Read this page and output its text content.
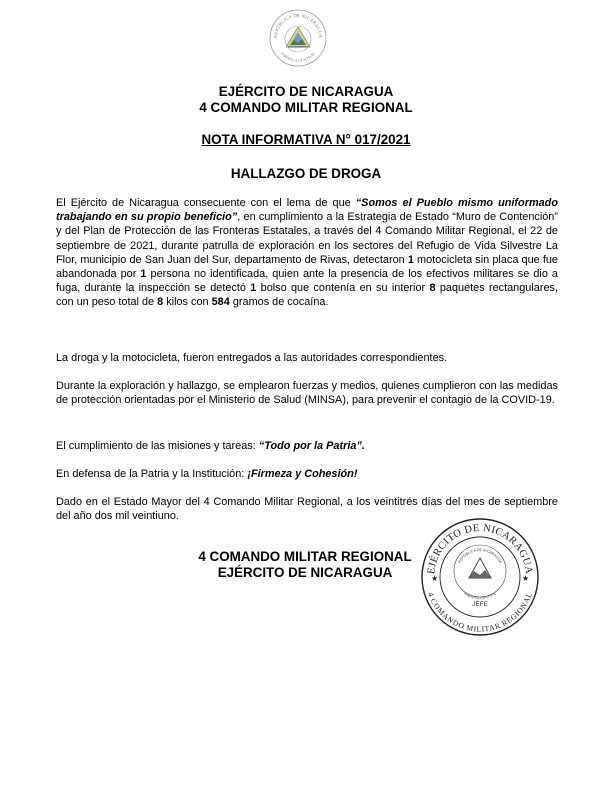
REPÚBLICA DE NICARAGUA
AMÉRICA CENTRAL
EJÉRCITO DE NICARAGUA
4 COMANDO MILITAR REGIONAL
NOTA INFORMATIVA N° 017/2021
HALLAZGO DE DROGA

El Ejército de Nicaragua consecuente con el lema de que “Somos el Pueblo mismo uniformado trabajando en su propio beneficio”, en cumplimiento a la Estrategia de Estado “Muro de Contención” y del Plan de Protección de las Fronteras Estatales, a través del 4 Comando Militar Regional, el 22 de septiembre de 2021, durante patrulla de exploración en los sectores del Refugio de Vida Silvestre La Flor, municipio de San Juan del Sur, departamento de Rivas, detectaron 1 motocicleta sin placa que fue abandonada por 1 persona no identificada, quien ante la presencia de los efectivos militares se dio a fuga, durante la inspección se detectó 1 bolso que contenía en su interior 8 paquetes rectangulares, con un peso total de 8 kilos con 584 gramos de cocaína.

La droga y la motocicleta, fueron entregados a las autoridades correspondientes.

Durante la exploración y hallazgo, se emplearon fuerzas y medios, quienes cumplieron con las medidas de protección orientadas por el Ministerio de Salud (MINSA), para prevenir el contagio de la COVID-19.

El cumplimiento de las misiones y tareas: “Todo por la Patria”.

En defensa de la Patria y la Institución: ¡Firmeza y Cohesión!

Dado en el Estado Mayor del 4 Comando Militar Regional, a los veintitrés días del mes de septiembre del año dos mil veintiuno.

4 COMANDO MILITAR REGIONAL
EJÉRCITO DE NICARAGUA	EJÉRCITO DE NICARAGUA
4 COMANDO MILITAR REGIONAL
★	★
REPÚBLICA DE NICARAGUA
AMÉRICA CENTRAL
JEFE
